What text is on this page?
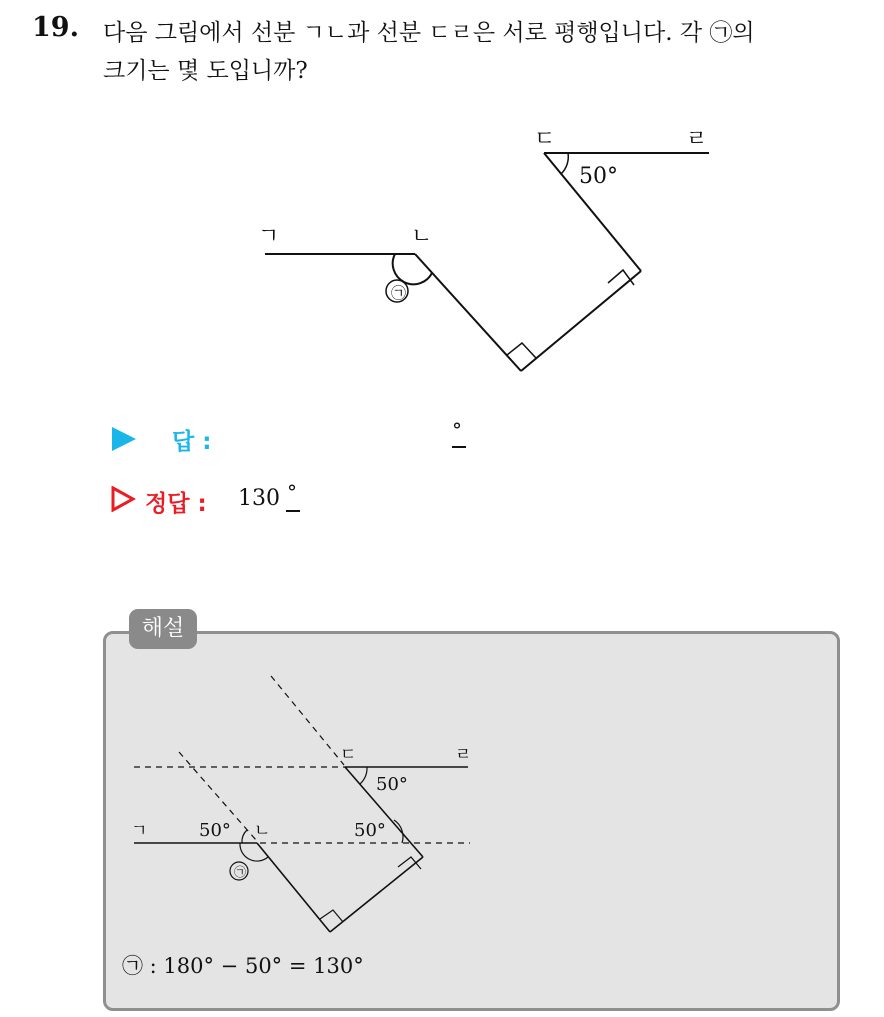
19. 다음 그림에서 선분 ㄱㄴ과 선분 ㄷㄹ은 서로 평행입니다. 각 ㉠의
크기는 몇 도입니까?
ㄱ	ㄴ
ㄷ	ㄹ
50°
㉠
답 :	°
정답 : 130 °
해설
ㄱ	ㄴ
ㄷ	ㄹ
50°
50°
50°
㉠
㉠ : 180° − 50° = 130°
